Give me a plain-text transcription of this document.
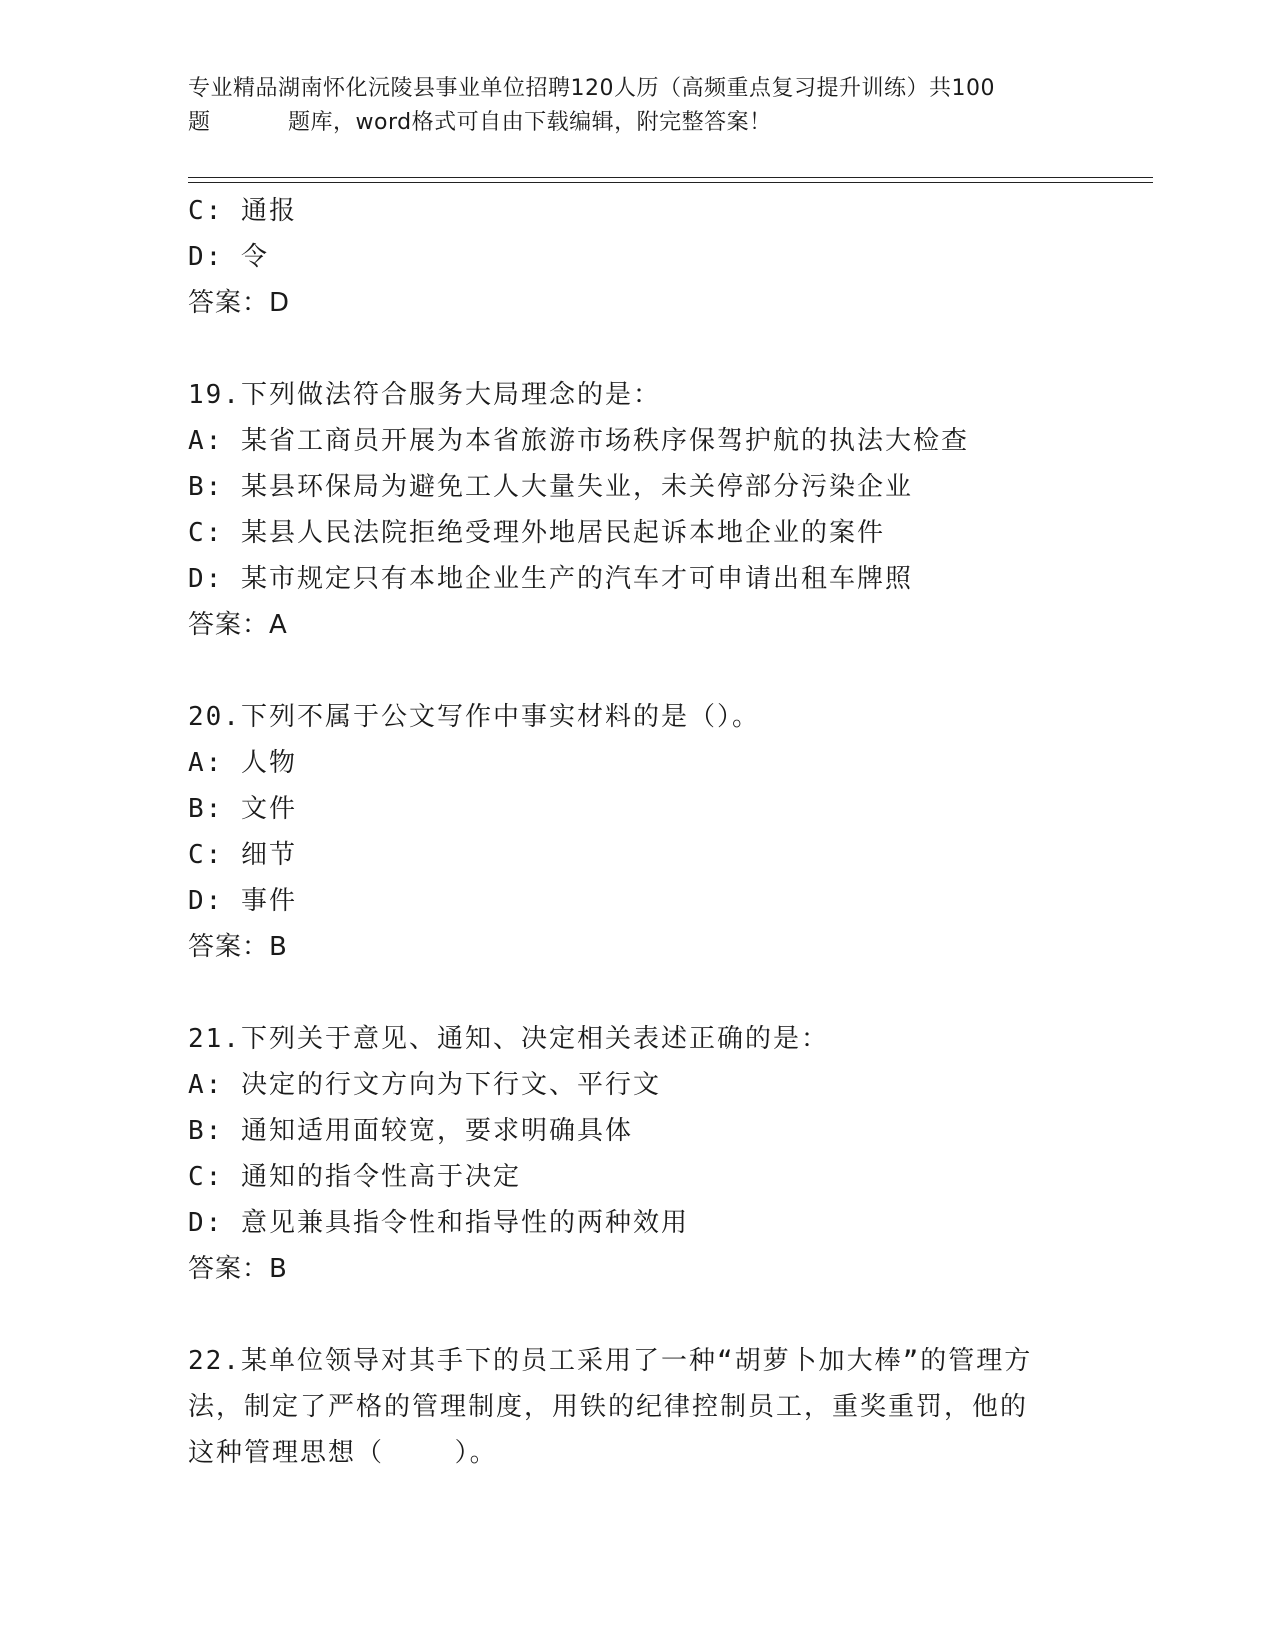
专业精品湖南怀化沅陵县事业单位招聘120人历（高频重点复习提升训练）共100
题	题库，word格式可自由下载编辑，附完整答案！
C: 通报
D: 令
答案：D
19.下列做法符合服务大局理念的是：
A: 某省工商员开展为本省旅游市场秩序保驾护航的执法大检查
B: 某县环保局为避免工人大量失业，未关停部分污染企业
C: 某县人民法院拒绝受理外地居民起诉本地企业的案件
D: 某市规定只有本地企业生产的汽车才可申请出租车牌照
答案：A
20.下列不属于公文写作中事实材料的是（）。
A: 人物
B: 文件
C: 细节
D: 事件
答案：B
21.下列关于意见、通知、决定相关表述正确的是：
A: 决定的行文方向为下行文、平行文
B: 通知适用面较宽，要求明确具体
C: 通知的指令性高于决定
D: 意见兼具指令性和指导性的两种效用
答案：B
22.某单位领导对其手下的员工采用了一种“胡萝卜加大棒”的管理方
法，制定了严格的管理制度，用铁的纪律控制员工，重奖重罚，他的
这种管理思想（    ）。
